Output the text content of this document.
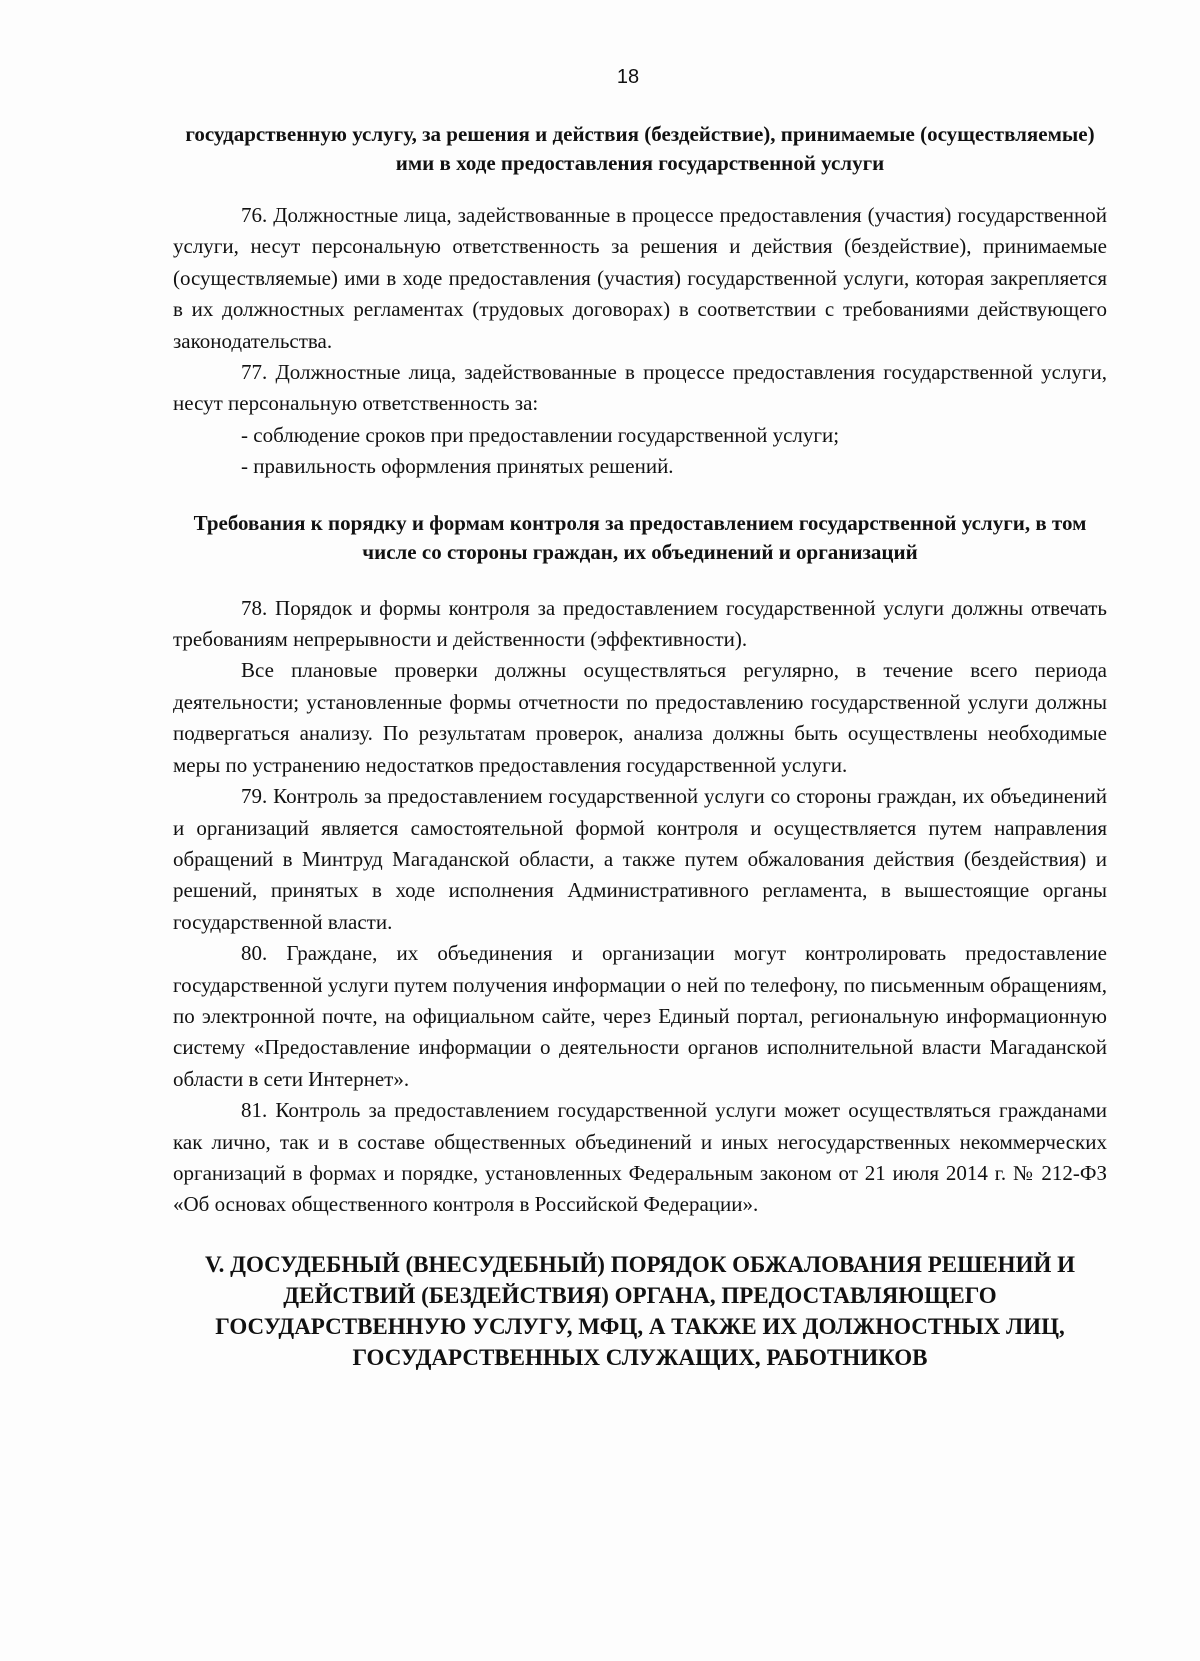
18

государственную услугу, за решения и действия (бездействие), принимаемые (осуществляемые) ими в ходе предоставления государственной услуги

76. Должностные лица, задействованные в процессе предоставления (участия) государственной услуги, несут персональную ответственность за решения и действия (бездействие), принимаемые (осуществляемые) ими в ходе предоставления (участия) государственной услуги, которая закрепляется в их должностных регламентах (трудовых договорах) в соответствии с требованиями действующего законодательства.

77. Должностные лица, задействованные в процессе предоставления государственной услуги, несут персональную ответственность за:

- соблюдение сроков при предоставлении государственной услуги;

- правильность оформления принятых решений.

Требования к порядку и формам контроля за предоставлением государственной услуги, в том числе со стороны граждан, их объединений и организаций

78. Порядок и формы контроля за предоставлением государственной услуги должны отвечать требованиям непрерывности и действенности (эффективности).

Все плановые проверки должны осуществляться регулярно, в течение всего периода деятельности; установленные формы отчетности по предоставлению государственной услуги должны подвергаться анализу. По результатам проверок, анализа должны быть осуществлены необходимые меры по устранению недостатков предоставления государственной услуги.

79. Контроль за предоставлением государственной услуги со стороны граждан, их объединений и организаций является самостоятельной формой контроля и осуществляется путем направления обращений в Минтруд Магаданской области, а также путем обжалования действия (бездействия) и решений, принятых в ходе исполнения Административного регламента, в вышестоящие органы государственной власти.

80. Граждане, их объединения и организации могут контролировать предоставление государственной услуги путем получения информации о ней по телефону, по письменным обращениям, по электронной почте, на официальном сайте, через Единый портал, региональную информационную систему «Предоставление информации о деятельности органов исполнительной власти Магаданской области в сети Интернет».

81. Контроль за предоставлением государственной услуги может осуществляться гражданами как лично, так и в составе общественных объединений и иных негосударственных некоммерческих организаций в формах и порядке, установленных Федеральным законом от 21 июля 2014 г. № 212-ФЗ «Об основах общественного контроля в Российской Федерации».

V. ДОСУДЕБНЫЙ (ВНЕСУДЕБНЫЙ) ПОРЯДОК ОБЖАЛОВАНИЯ РЕШЕНИЙ И ДЕЙСТВИЙ (БЕЗДЕЙСТВИЯ) ОРГАНА, ПРЕДОСТАВЛЯЮЩЕГО ГОСУДАРСТВЕННУЮ УСЛУГУ, МФЦ, А ТАКЖЕ ИХ ДОЛЖНОСТНЫХ ЛИЦ, ГОСУДАРСТВЕННЫХ СЛУЖАЩИХ, РАБОТНИКОВ
